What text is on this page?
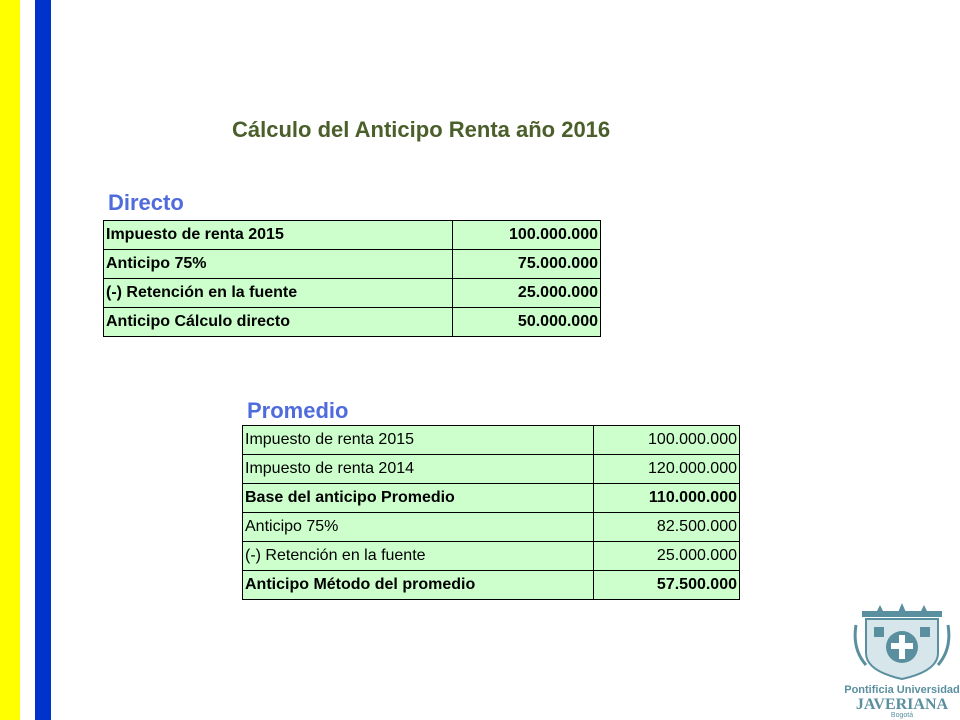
Cálculo del Anticipo Renta año 2016
Directo
Impuesto de renta 2015	100.000.000
Anticipo 75%	75.000.000
(-) Retención en la fuente	25.000.000
Anticipo Cálculo directo	50.000.000
Promedio
Impuesto de renta 2015	100.000.000
Impuesto de renta 2014	120.000.000
Base del anticipo Promedio	110.000.000
Anticipo 75%	82.500.000
(-) Retención en la fuente	25.000.000
Anticipo Método del promedio	57.500.000
Pontificia Universidad
JAVERIANA
Bogotá
